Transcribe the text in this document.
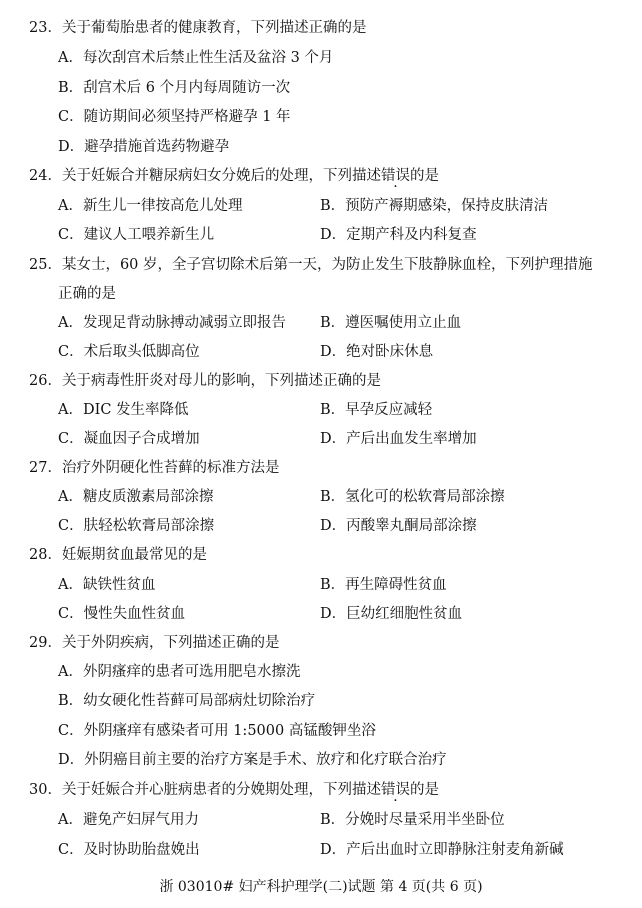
23．关于葡萄胎患者的健康教育，下列描述正确的是
A．每次刮宫术后禁止性生活及盆浴 3 个月
B．刮宫术后 6 个月内每周随访一次
C．随访期间必须坚持严格避孕 1 年
D．避孕措施首选药物避孕
24．关于妊娠合并糖尿病妇女分娩后的处理，下列描述错误的是
A．新生儿一律按高危儿处理	B．预防产褥期感染，保持皮肤清洁
C．建议人工喂养新生儿	D．定期产科及内科复查
25．某女士，60 岁，全子宫切除术后第一天，为防止发生下肢静脉血栓，下列护理措施
正确的是
A．发现足背动脉搏动减弱立即报告 B．遵医嘱使用立止血
C．术后取头低脚高位	D．绝对卧床休息
26．关于病毒性肝炎对母儿的影响，下列描述正确的是
A．DIC 发生率降低	B．早孕反应减轻
C．凝血因子合成增加	D．产后出血发生率增加
27．治疗外阴硬化性苔藓的标准方法是
A．糖皮质激素局部涂擦	B．氢化可的松软膏局部涂擦
C．肤轻松软膏局部涂擦	D．丙酸睾丸酮局部涂擦
28．妊娠期贫血最常见的是
A．缺铁性贫血	B．再生障碍性贫血
C．慢性失血性贫血	D．巨幼红细胞性贫血
29．关于外阴疾病，下列描述正确的是
A．外阴瘙痒的患者可选用肥皂水擦洗
B．幼女硬化性苔藓可局部病灶切除治疗
C．外阴瘙痒有感染者可用 1:5000 高锰酸钾坐浴
D．外阴癌目前主要的治疗方案是手术、放疗和化疗联合治疗
30．关于妊娠合并心脏病患者的分娩期处理，下列描述错误的是
A．避免产妇屏气用力	B．分娩时尽量采用半坐卧位
C．及时协助胎盘娩出	D．产后出血时立即静脉注射麦角新碱
浙 03010# 妇产科护理学(二)试题 第 4 页(共 6 页)
